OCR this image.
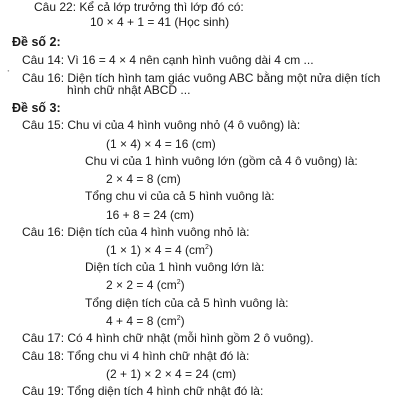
ꞏ
Câu 22: Kể cả lớp trưởng thì lớp đó có:
10 × 4 + 1 = 41 (Học sinh)
Đề số 2:
Câu 14: Vì 16 = 4 × 4 nên cạnh hình vuông dài 4 cm ...
Câu 16: Diện tích hình tam giác vuông ABC bằng một nửa diện tích
hình chữ nhật ABCD ...
Đề số 3:
Câu 15: Chu vi của 4 hình vuông nhỏ (4 ô vuông) là:
(1 × 4) × 4 = 16 (cm)
Chu vi của 1 hình vuông lớn (gồm cả 4 ô vuông) là:
2 × 4 = 8 (cm)
Tổng chu vi của cả 5 hình vuông là:
16 + 8 = 24 (cm)
Câu 16: Diện tích của 4 hình vuông nhỏ là:
(1 × 1) × 4 = 4 $(cm^2)$
Diện tích của 1 hình vuông lớn là:
2 × 2 = 4 $(cm^2)$
Tổng diện tích của cả 5 hình vuông là:
4 + 4 = 8 $(cm^2)$
Câu 17: Có 4 hình chữ nhật (mỗi hình gồm 2 ô vuông).
Câu 18: Tổng chu vi 4 hình chữ nhật đó là:
(2 + 1) × 2 × 4 = 24 (cm)
Câu 19: Tổng diện tích 4 hình chữ nhật đó là:
